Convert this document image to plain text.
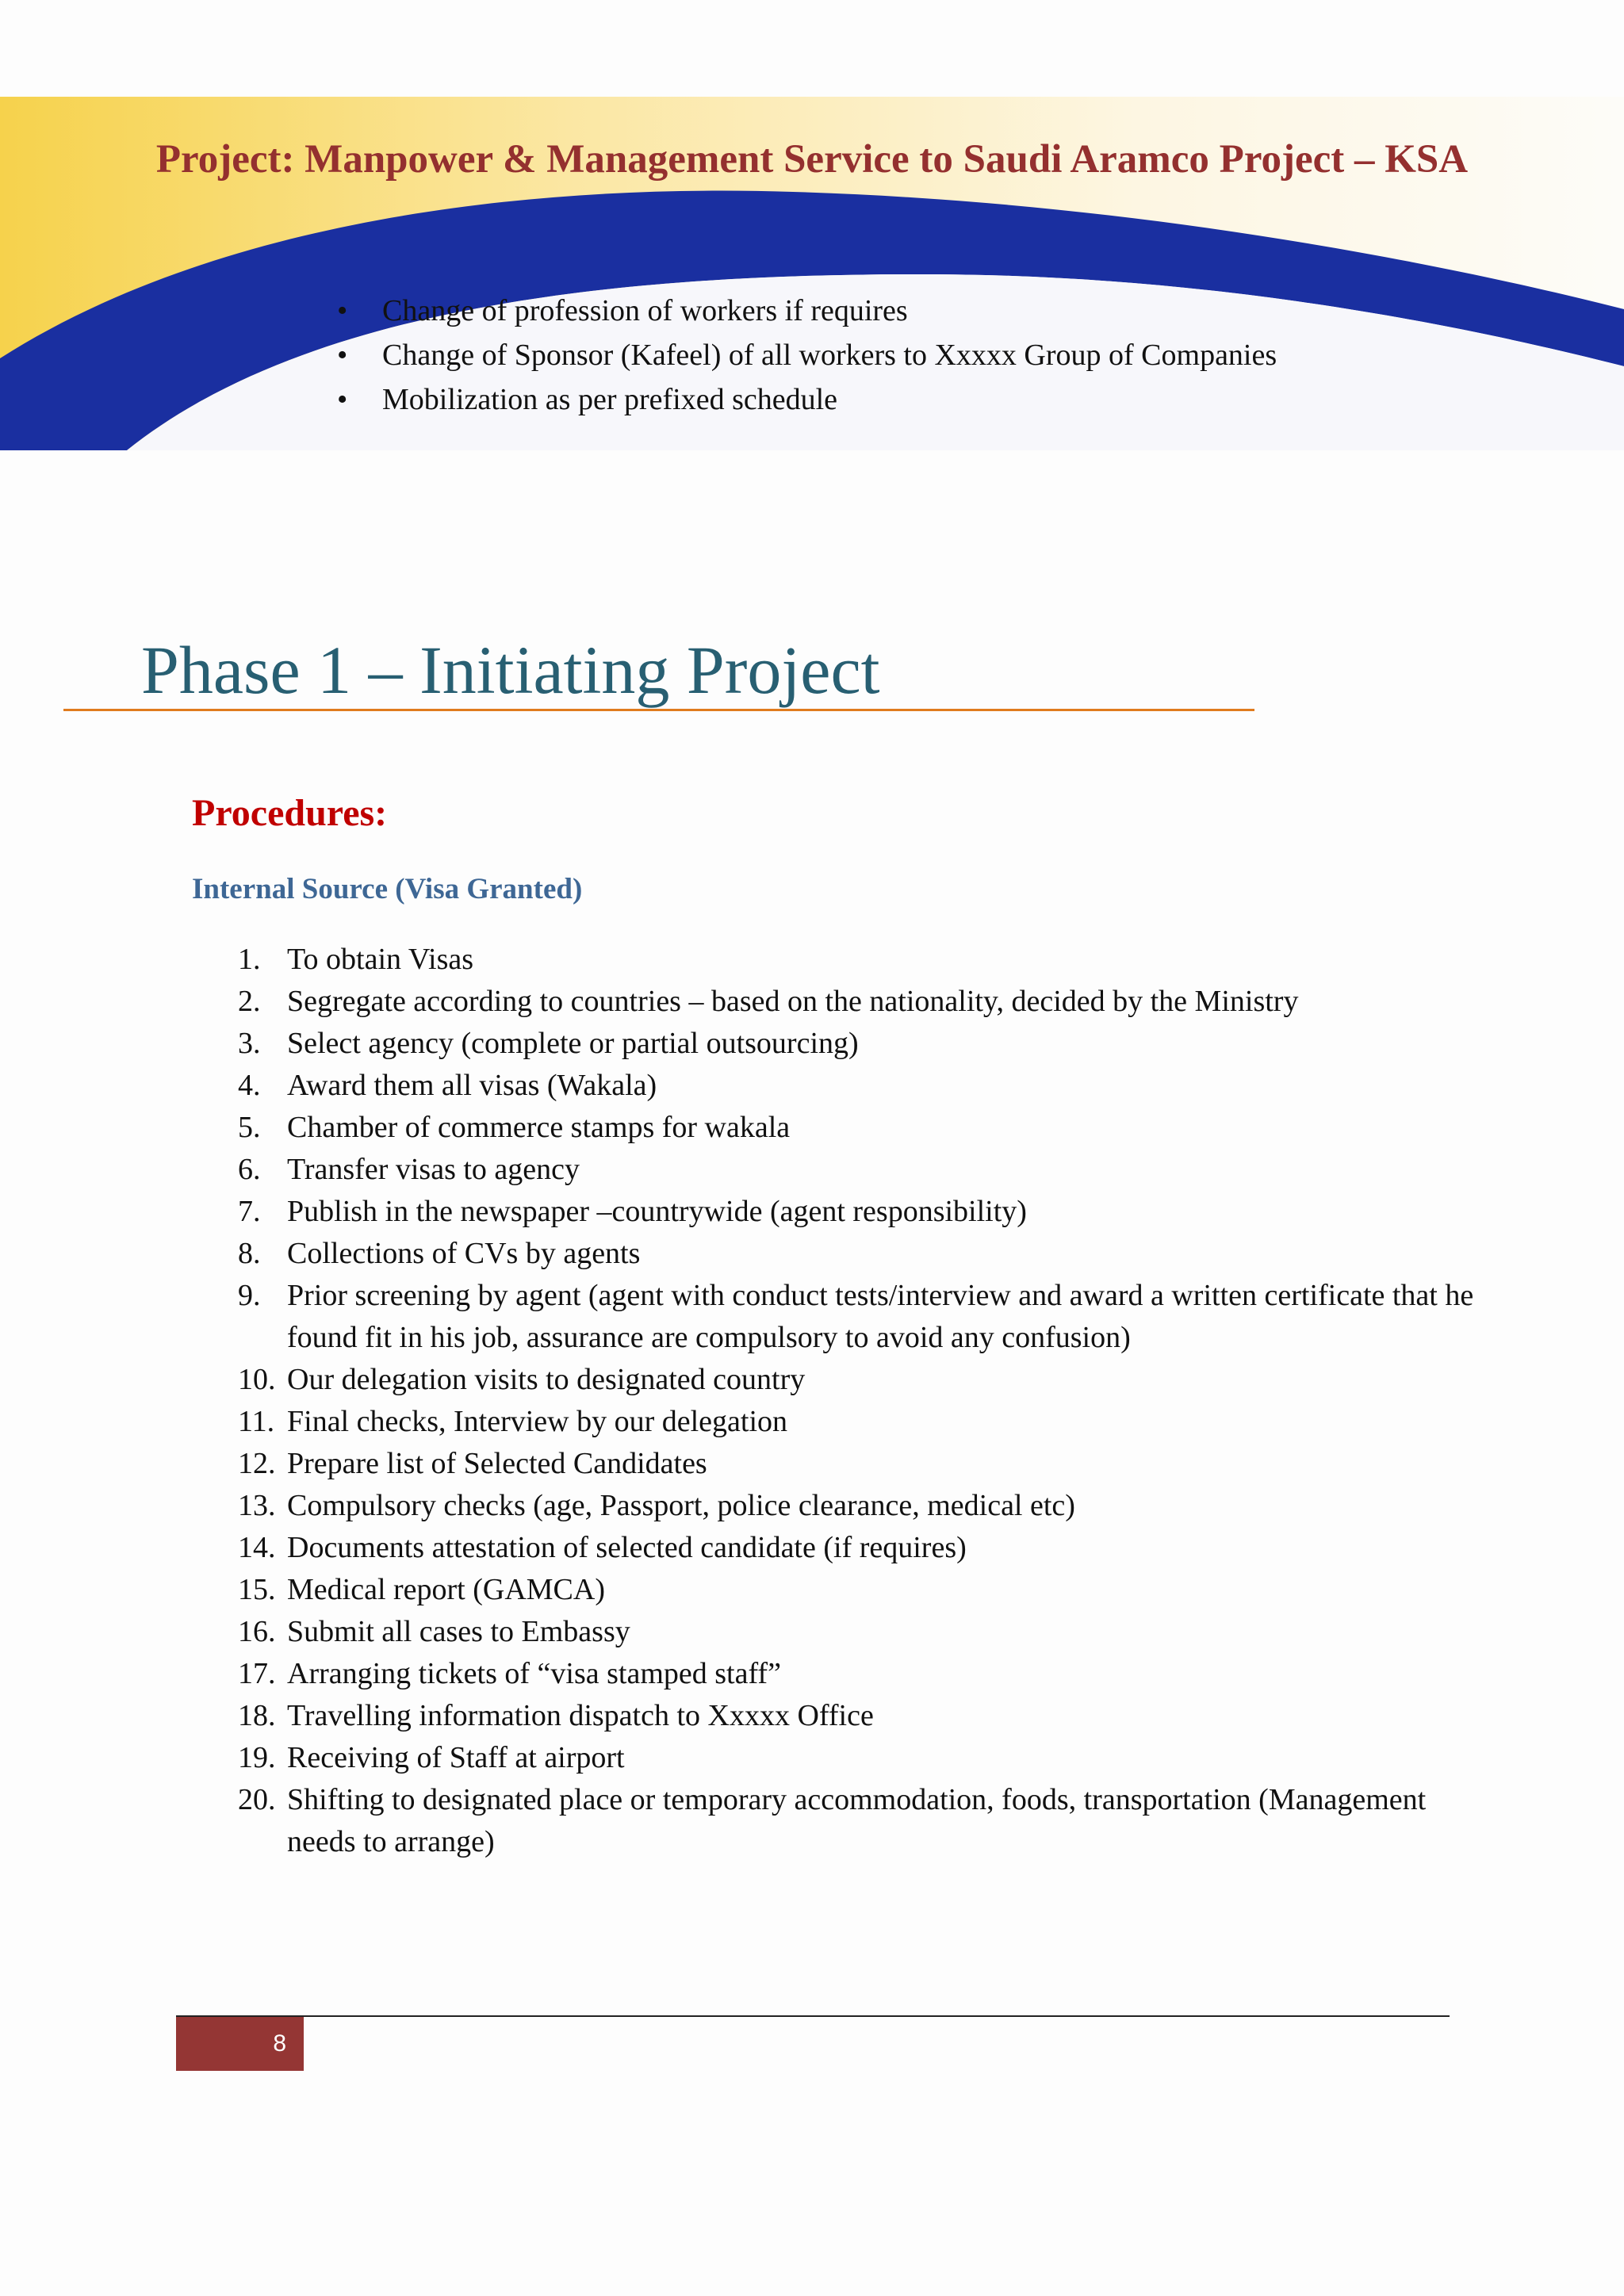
Project: Manpower & Management Service to Saudi Aramco Project – KSA
• Change of profession of workers if requires
• Change of Sponsor (Kafeel) of all workers to Xxxxx Group of Companies
• Mobilization as per prefixed schedule
Phase 1 – Initiating Project
Procedures:
Internal Source (Visa Granted)
1. To obtain Visas
2. Segregate according to countries – based on the nationality, decided by the Ministry
3. Select agency (complete or partial outsourcing)
4. Award them all visas (Wakala)
5. Chamber of commerce stamps for wakala
6. Transfer visas to agency
7. Publish in the newspaper –countrywide (agent responsibility)
8. Collections of CVs by agents
9. Prior screening by agent (agent with conduct tests/interview and award a written certificate that he found fit in his job, assurance are compulsory to avoid any confusion)
10. Our delegation visits to designated country
11. Final checks, Interview by our delegation
12. Prepare list of Selected Candidates
13. Compulsory checks (age, Passport, police clearance, medical etc)
14. Documents attestation of selected candidate (if requires)
15. Medical report (GAMCA)
16. Submit all cases to Embassy
17. Arranging tickets of “visa stamped staff”
18. Travelling information dispatch to Xxxxx Office
19. Receiving of Staff at airport
20. Shifting to designated place or temporary accommodation, foods, transportation (Management needs to arrange)
8
